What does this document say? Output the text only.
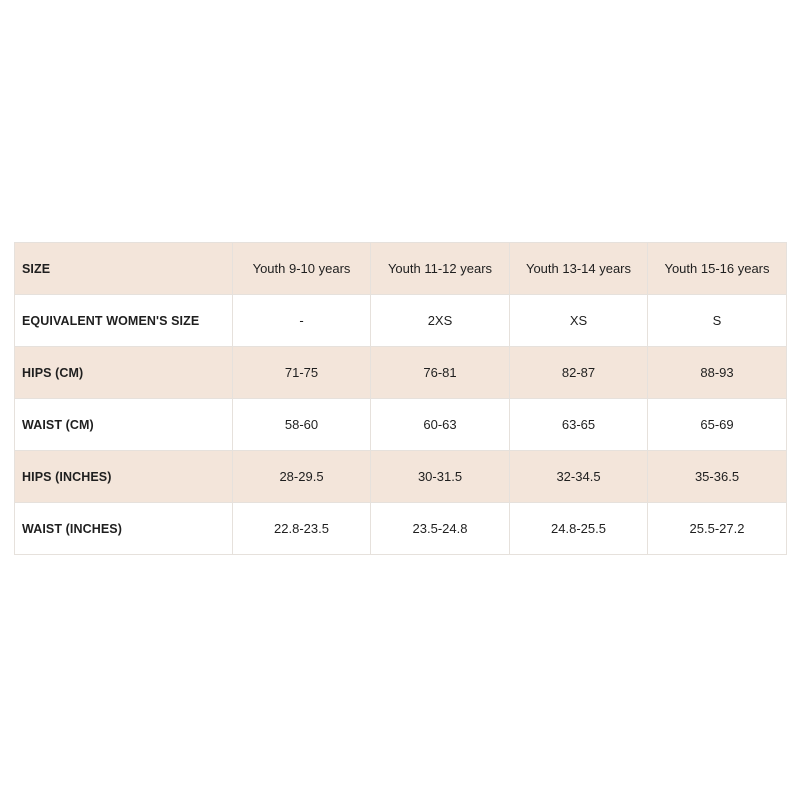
SIZE	Youth 9-10 years	Youth 11-12 years	Youth 13-14 years	Youth 15-16 years
EQUIVALENT WOMEN'S SIZE	-	2XS	XS	S
HIPS (CM)	71-75	76-81	82-87	88-93
WAIST (CM)	58-60	60-63	63-65	65-69
HIPS (INCHES)	28-29.5	30-31.5	32-34.5	35-36.5
WAIST (INCHES)	22.8-23.5	23.5-24.8	24.8-25.5	25.5-27.2
